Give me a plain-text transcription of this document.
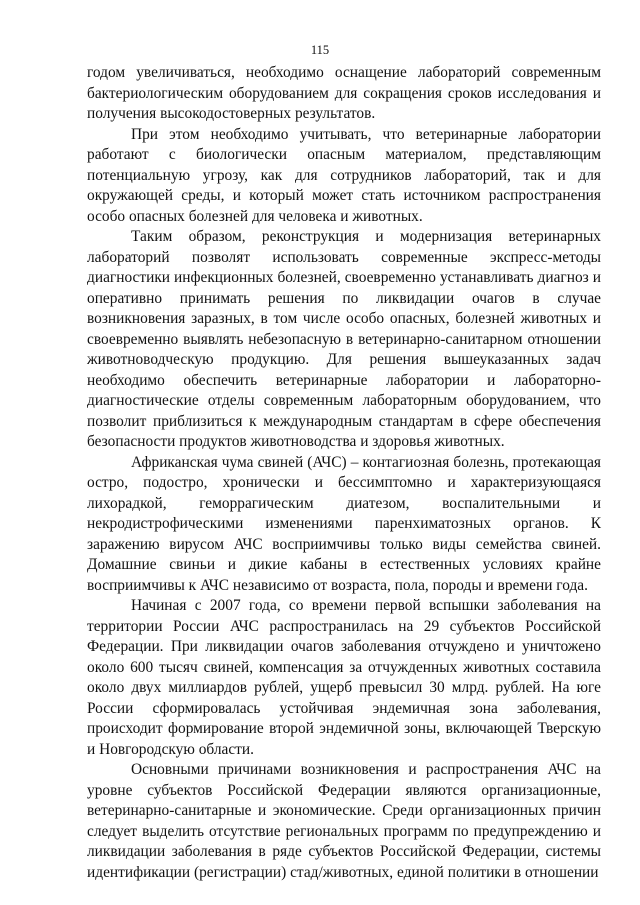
115

годом увеличиваться, необходимо оснащение лабораторий современным бактериологическим оборудованием для сокращения сроков исследования и получения высокодостоверных результатов.

При этом необходимо учитывать, что ветеринарные лаборатории работают с биологически опасным материалом, представляющим потенциальную угрозу, как для сотрудников лабораторий, так и для окружающей среды, и который может стать источником распространения особо опасных болезней для человека и животных.

Таким образом, реконструкция и модернизация ветеринарных лабораторий позволят использовать современные экспресс-методы диагностики инфекционных болезней, своевременно устанавливать диагноз и оперативно принимать решения по ликвидации очагов в случае возникновения заразных, в том числе особо опасных, болезней животных и своевременно выявлять небезопасную в ветеринарно-санитарном отношении животноводческую продукцию. Для решения вышеуказанных задач необходимо обеспечить ветеринарные лаборатории и лабораторно-диагностические отделы современным лабораторным оборудованием, что позволит приблизиться к международным стандартам в сфере обеспечения безопасности продуктов животноводства и здоровья животных.

Африканская чума свиней (АЧС) – контагиозная болезнь, протекающая остро, подостро, хронически и бессимптомно и характеризующаяся лихорадкой, геморрагическим диатезом, воспалительными и некродистрофическими изменениями паренхиматозных органов. К заражению вирусом АЧС восприимчивы только виды семейства свиней. Домашние свиньи и дикие кабаны в естественных условиях крайне восприимчивы к АЧС независимо от возраста, пола, породы и времени года.

Начиная с 2007 года, со времени первой вспышки заболевания на территории России АЧС распространилась на 29 субъектов Российской Федерации. При ликвидации очагов заболевания отчуждено и уничтожено около 600 тысяч свиней, компенсация за отчужденных животных составила около двух миллиардов рублей, ущерб превысил 30 млрд. рублей. На юге России сформировалась устойчивая эндемичная зона заболевания, происходит формирование второй эндемичной зоны, включающей Тверскую и Новгородскую области.

Основными причинами возникновения и распространения АЧС на уровне субъектов Российской Федерации являются организационные, ветеринарно-санитарные и экономические. Среди организационных причин следует выделить отсутствие региональных программ по предупреждению и ликвидации заболевания в ряде субъектов Российской Федерации, системы идентификации (регистрации) стад/животных, единой политики в отношении
